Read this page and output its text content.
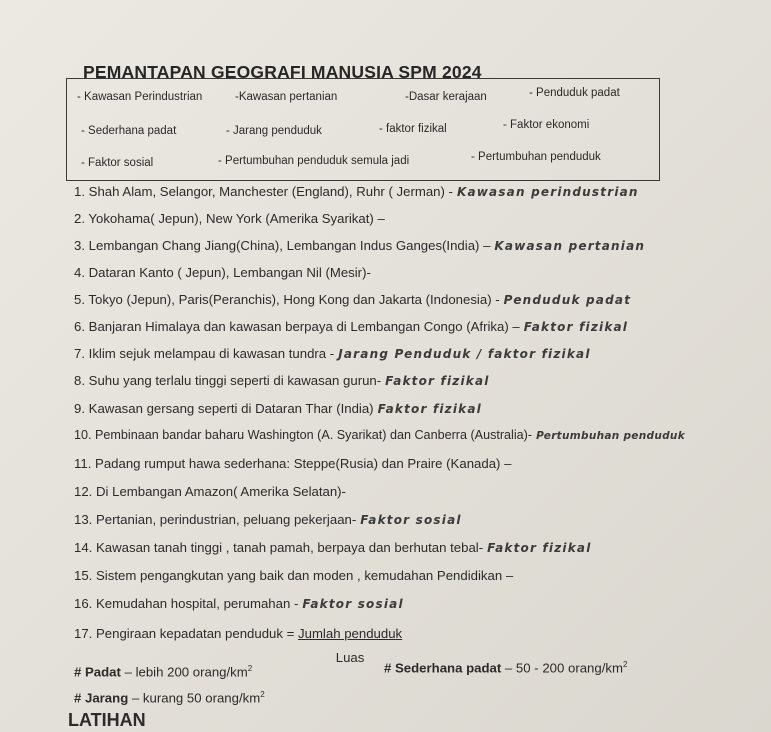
PEMANTAPAN GEOGRAFI MANUSIA SPM 2024
- Kawasan Perindustrian	-Kawasan pertanian	-Dasar kerajaan	- Penduduk padat
- Sederhana padat	- Jarang penduduk	- faktor fizikal	- Faktor ekonomi
- Faktor sosial	- Pertumbuhan penduduk semula jadi	- Pertumbuhan penduduk
1. Shah Alam, Selangor, Manchester (England), Ruhr ( Jerman) - Kawasan perindustrian
2. Yokohama( Jepun), New York (Amerika Syarikat) –
3. Lembangan Chang Jiang(China), Lembangan Indus Ganges(India) – Kawasan pertanian
4. Dataran Kanto ( Jepun), Lembangan Nil (Mesir)-
5. Tokyo (Jepun), Paris(Peranchis), Hong Kong dan Jakarta (Indonesia) - Penduduk padat
6. Banjaran Himalaya dan kawasan berpaya di Lembangan Congo (Afrika) – Faktor fizikal
7. Iklim sejuk melampau di kawasan tundra - Jarang Penduduk / faktor fizikal
8. Suhu yang terlalu tinggi seperti di kawasan gurun- Faktor fizikal
9. Kawasan gersang seperti di Dataran Thar (India) Faktor fizikal
10. Pembinaan bandar baharu Washington (A. Syarikat) dan Canberra (Australia)- Pertumbuhan penduduk
11. Padang rumput hawa sederhana: Steppe(Rusia) dan Praire (Kanada) –
12. Di Lembangan Amazon( Amerika Selatan)-
13. Pertanian, perindustrian, peluang pekerjaan- Faktor sosial
14. Kawasan tanah tinggi , tanah pamah, berpaya dan berhutan tebal- Faktor fizikal
15. Sistem pengangkutan yang baik dan moden , kemudahan Pendidikan –
16. Kemudahan hospital, perumahan - Faktor sosial
17. Pengiraan kepadatan penduduk = $\frac{\text{Jumlah penduduk}}{\text{Luas}}$
# Padat – lebih 200 orang/$km^2$	# Sederhana padat – 50 - 200 orang/$km^2$
# Jarang – kurang 50 orang/$km^2$
LATIHAN
